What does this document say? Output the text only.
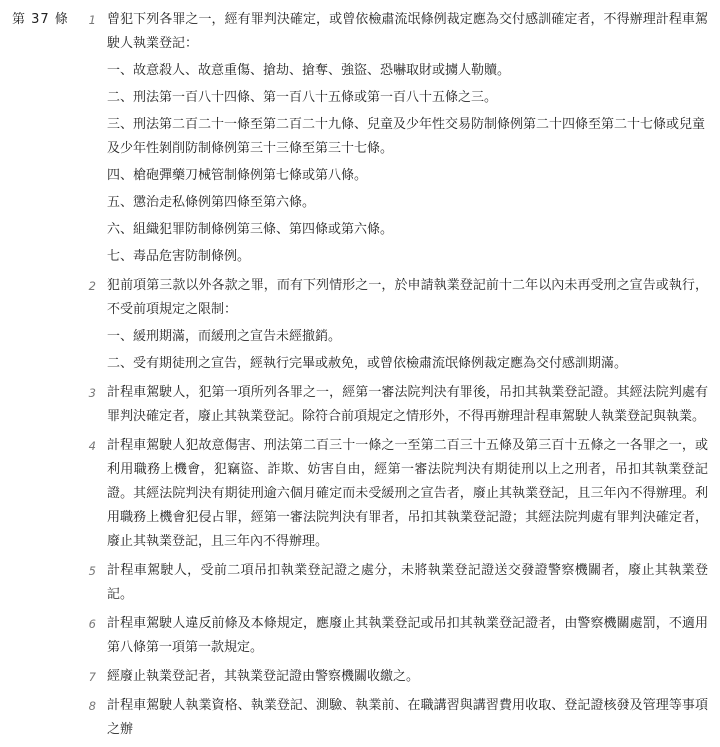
第 37 條	1 曾犯下列各罪之一，經有罪判決確定，或曾依檢肅流氓條例裁定應為交付感訓確定者，不得辦理計程車駕駛人執業登記：
一、故意殺人、故意重傷、搶劫、搶奪、強盜、恐嚇取財或擄人勒贖。
二、刑法第一百八十四條、第一百八十五條或第一百八十五條之三。
三、刑法第二百二十一條至第二百二十九條、兒童及少年性交易防制條例第二十四條至第二十七條或兒童及少年性剝削防制條例第三十三條至第三十七條。
四、槍砲彈藥刀械管制條例第七條或第八條。
五、懲治走私條例第四條至第六條。
六、組織犯罪防制條例第三條、第四條或第六條。
七、毒品危害防制條例。
2 犯前項第三款以外各款之罪，而有下列情形之一，於申請執業登記前十二年以內未再受刑之宣告或執行，不受前項規定之限制：
一、緩刑期滿，而緩刑之宣告未經撤銷。
二、受有期徒刑之宣告，經執行完畢或赦免，或曾依檢肅流氓條例裁定應為交付感訓期滿。
3 計程車駕駛人，犯第一項所列各罪之一，經第一審法院判決有罪後，吊扣其執業登記證。其經法院判處有罪判決確定者，廢止其執業登記。除符合前項規定之情形外，不得再辦理計程車駕駛人執業登記與執業。
4 計程車駕駛人犯故意傷害、刑法第二百三十一條之一至第二百三十五條及第三百十五條之一各罪之一，或利用職務上機會，犯竊盜、詐欺、妨害自由，經第一審法院判決有期徒刑以上之刑者，吊扣其執業登記證。其經法院判決有期徒刑逾六個月確定而未受緩刑之宣告者，廢止其執業登記，且三年內不得辦理。利用職務上機會犯侵占罪，經第一審法院判決有罪者，吊扣其執業登記證；其經法院判處有罪判決確定者，廢止其執業登記，且三年內不得辦理。
5 計程車駕駛人，受前二項吊扣執業登記證之處分，未將執業登記證送交發證警察機關者，廢止其執業登記。
6 計程車駕駛人違反前條及本條規定，應廢止其執業登記或吊扣其執業登記證者，由警察機關處罰，不適用第八條第一項第一款規定。
7 經廢止執業登記者，其執業登記證由警察機關收繳之。
8 計程車駕駛人執業資格、執業登記、測驗、執業前、在職講習與講習費用收取、登記證核發及管理等事項之辦
